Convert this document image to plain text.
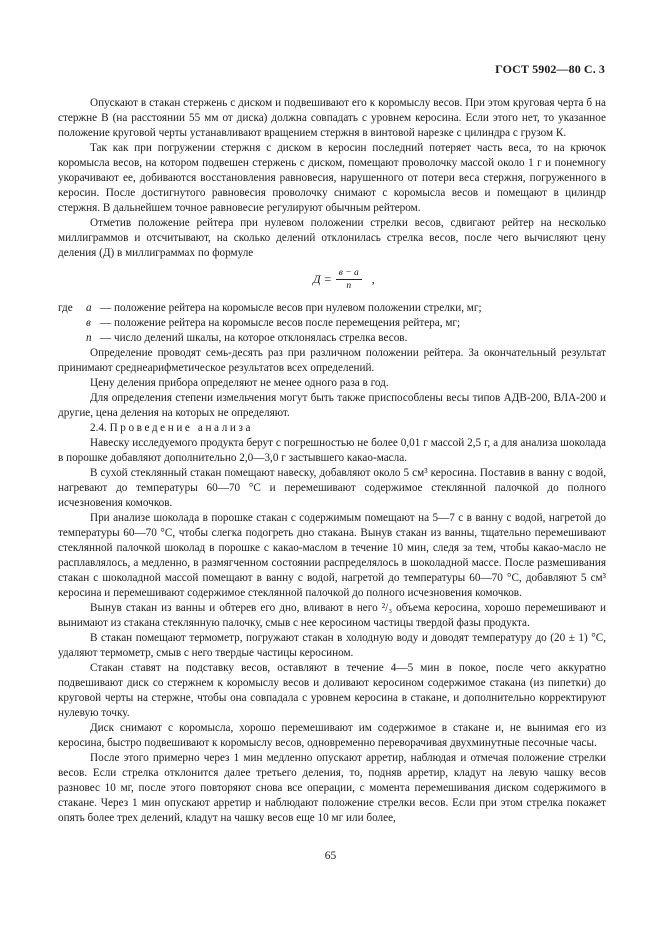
ГОСТ 5902—80 С. 3

Опускают в стакан стержень с диском и подвешивают его к коромыслу весов. При этом круговая черта б на стержне В (на расстоянии 55 мм от диска) должна совпадать с уровнем керосина. Если этого нет, то указанное положение круговой черты устанавливают вращением стержня в винтовой нарезке с цилиндра с грузом К.

Так как при погружении стержня с диском в керосин последний потеряет часть веса, то на крючок коромысла весов, на котором подвешен стержень с диском, помещают проволочку массой около 1 г и понемногу укорачивают ее, добиваются восстановления равновесия, нарушенного от потери веса стержня, погруженного в керосин. После достигнутого равновесия проволочку снимают с коромысла весов и помещают в цилиндр стержня. В дальнейшем точное равновесие регулируют обычным рейтером.

Отметив положение рейтера при нулевом положении стрелки весов, сдвигают рейтер на несколько миллиграммов и отсчитывают, на сколько делений отклонилась стрелка весов, после чего вычисляют цену деления (Д) в миллиграммах по формуле

$Д = \frac{в - а}{n}$ ,
где	а — положение рейтера на коромысле весов при нулевом положении стрелки, мг;
в — положение рейтера на коромысле весов после перемещения рейтера, мг;
n — число делений шкалы, на которое отклонялась стрелка весов.

Определение проводят семь-десять раз при различном положении рейтера. За окончательный результат принимают среднеарифметическое результатов всех определений.

Цену деления прибора определяют не менее одного раза в год.

Для определения степени измельчения могут быть также приспособлены весы типов АДВ-200, ВЛА-200 и другие, цена деления на которых не определяют.

2.4. Проведение анализа

Навеску исследуемого продукта берут с погрешностью не более 0,01 г массой 2,5 г, а для анализа шоколада в порошке добавляют дополнительно 2,0—3,0 г застывшего какао-масла.

В сухой стеклянный стакан помещают навеску, добавляют около 5 см³ керосина. Поставив в ванну с водой, нагревают до температуры 60—70 °С и перемешивают содержимое стеклянной палочкой до полного исчезновения комочков.

При анализе шоколада в порошке стакан с содержимым помещают на 5—7 с в ванну с водой, нагретой до температуры 60—70 °С, чтобы слегка подогреть дно стакана. Вынув стакан из ванны, тщательно перемешивают стеклянной палочкой шоколад в порошке с какао-маслом в течение 10 мин, следя за тем, чтобы какао-масло не расплавлялось, а медленно, в размягченном состоянии распределялось в шоколадной массе. После размешивания стакан с шоколадной массой помещают в ванну с водой, нагретой до температуры 60—70 °С, добавляют 5 см³ керосина и перемешивают содержимое стеклянной палочкой до полного исчезновения комочков.

Вынув стакан из ванны и обтерев его дно, вливают в него ²/₃ объема керосина, хорошо перемешивают и вынимают из стакана стеклянную палочку, смыв с нее керосином частицы твердой фазы продукта.

В стакан помещают термометр, погружают стакан в холодную воду и доводят температуру до (20 ± 1) °С, удаляют термометр, смыв с него твердые частицы керосином.

Стакан ставят на подставку весов, оставляют в течение 4—5 мин в покое, после чего аккуратно подвешивают диск со стержнем к коромыслу весов и доливают керосином содержимое стакана (из пипетки) до круговой черты на стержне, чтобы она совпадала с уровнем керосина в стакане, и дополнительно корректируют нулевую точку.

Диск снимают с коромысла, хорошо перемешивают им содержимое в стакане и, не вынимая его из керосина, быстро подвешивают к коромыслу весов, одновременно переворачивая двухминутные песочные часы.

После этого примерно через 1 мин медленно опускают арретир, наблюдая и отмечая положение стрелки весов. Если стрелка отклонится далее третьего деления, то, подняв арретир, кладут на левую чашку весов разновес 10 мг, после этого повторяют снова все операции, с момента перемешивания диском содержимого в стакане. Через 1 мин опускают арретир и наблюдают положение стрелки весов. Если при этом стрелка покажет опять более трех делений, кладут на чашку весов еще 10 мг или более,

65
